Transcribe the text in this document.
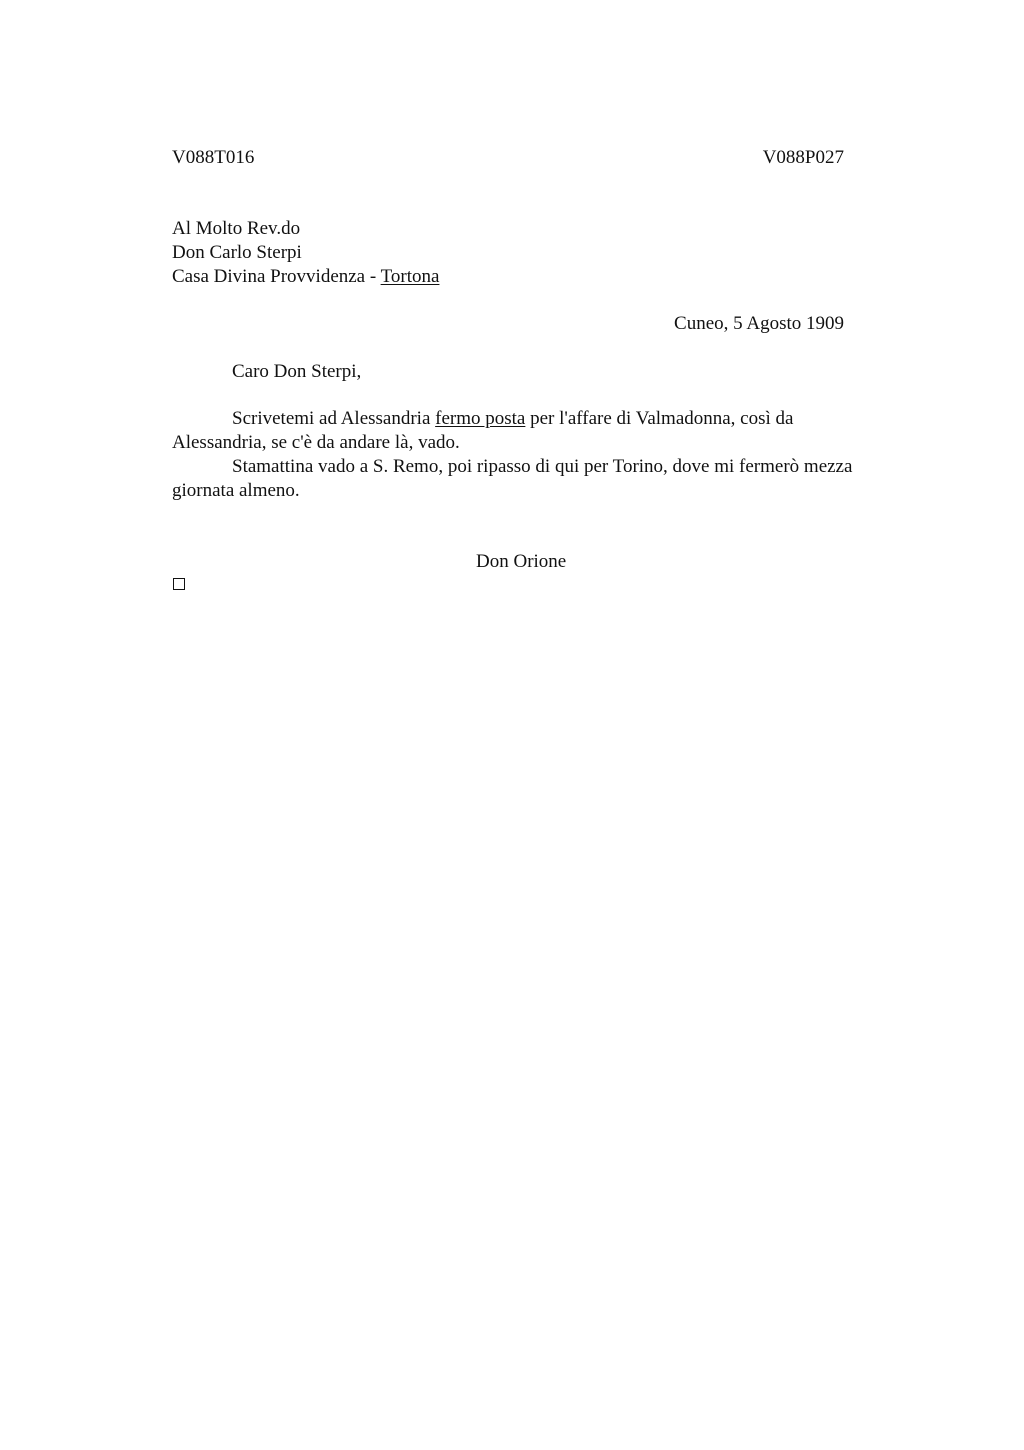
V088T016	V088P027
Al Molto Rev.do
Don Carlo Sterpi
Casa Divina Provvidenza - Tortona
Cuneo, 5 Agosto 1909
Caro Don Sterpi,
Scrivetemi ad Alessandria fermo posta per l'affare di Valmadonna, così da
Alessandria, se c'è da andare là, vado.
Stamattina vado a S. Remo, poi ripasso di qui per Torino, dove mi fermerò mezza
giornata almeno.
Don Orione
